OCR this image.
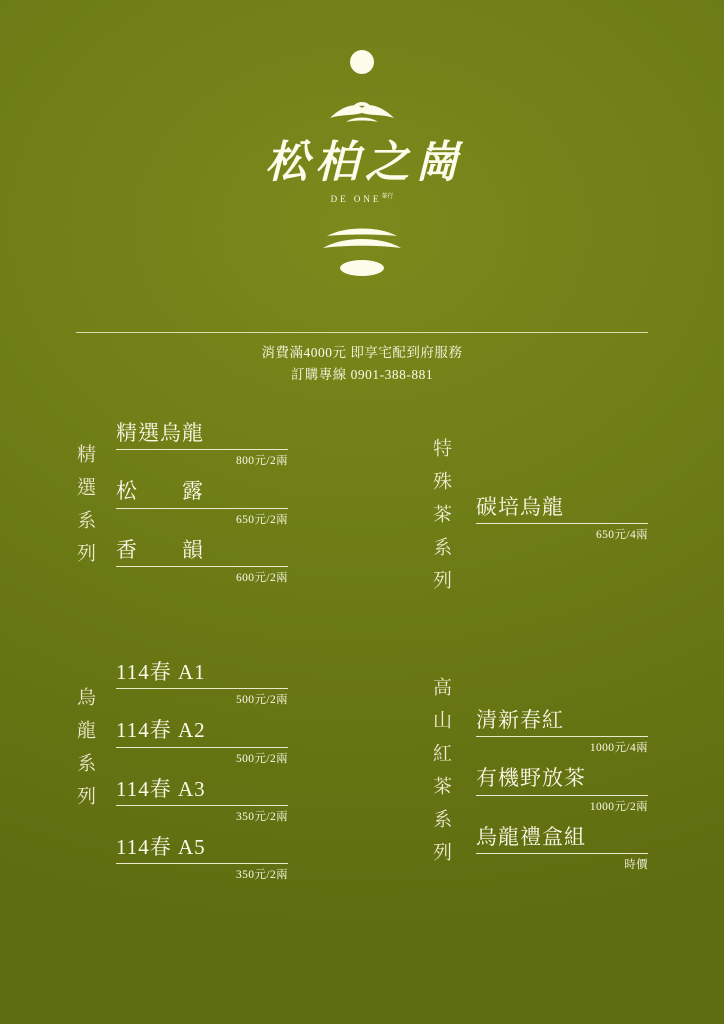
松柏之崗
DE $ONE^{茶行}$
消費滿4000元 即享宅配到府服務
訂購專線 0901-388-881
精選系列
精選烏龍
800元/2兩
松　　露
650元/2兩
香　　韻
600元/2兩	特殊茶系列 碳培烏龍
650元/4兩
烏龍系列
114春 A1
500元/2兩
114春 A2
500元/2兩
114春 A3
350元/2兩
114春 A5
350元/2兩	高山紅茶系列 清新春紅
1000元/4兩
有機野放茶
1000元/2兩
烏龍禮盒組
時價
